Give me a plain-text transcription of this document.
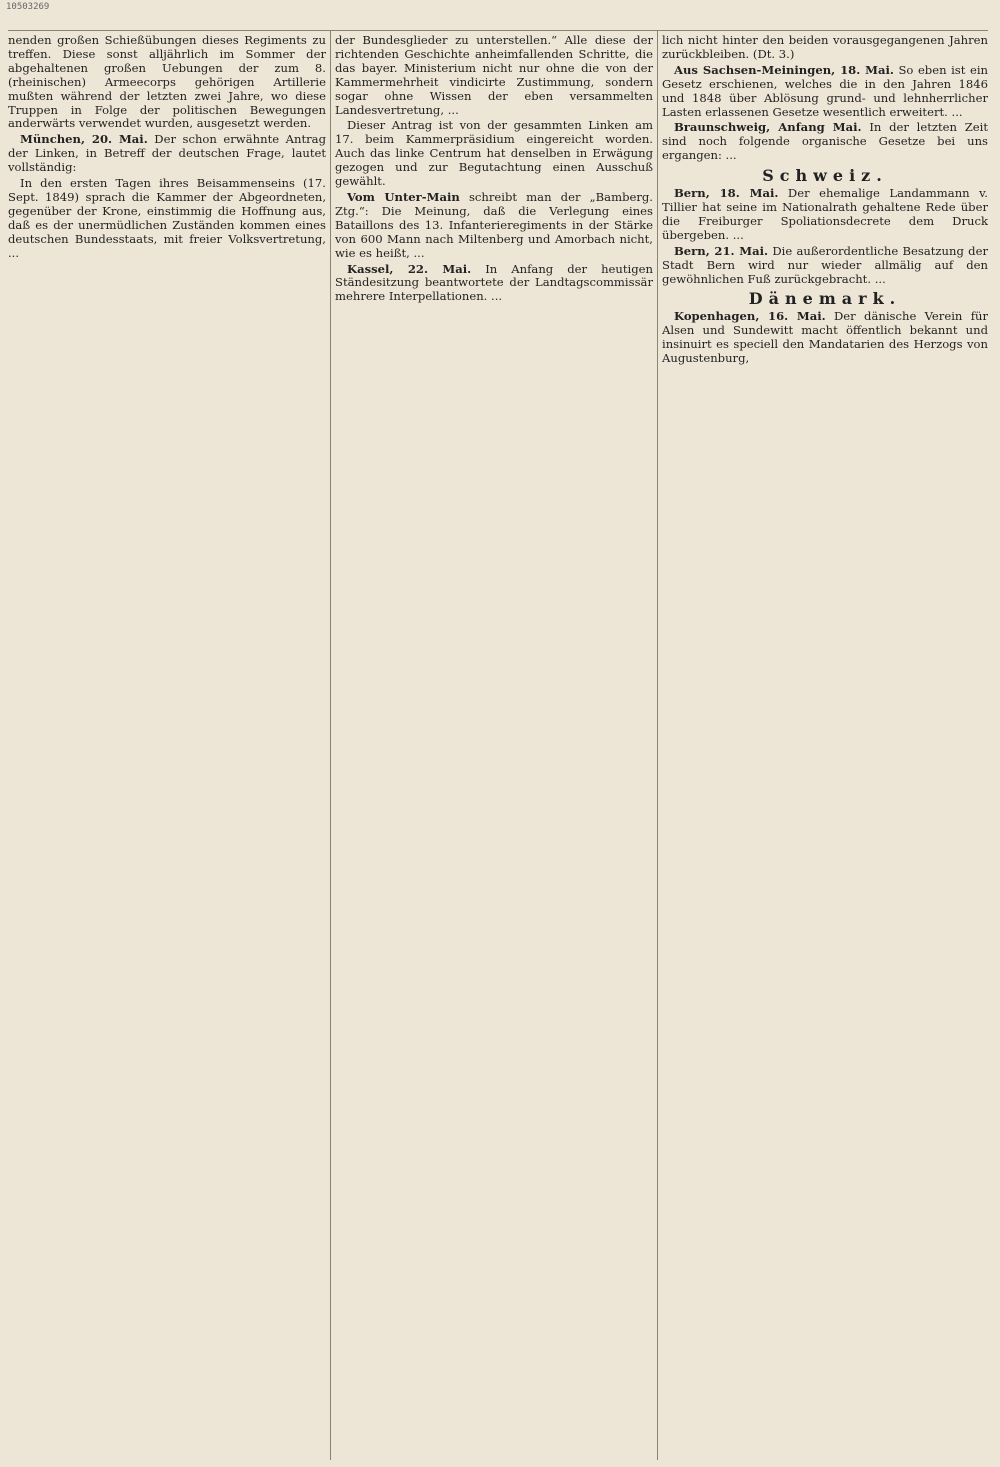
10503269

nenden großen Schießübungen dieses Regiments zu treffen. Diese sonst alljährlich im Sommer der abgehaltenen großen Uebungen der zum 8. (rheinischen) Armeecorps gehörigen Artillerie mußten während der letzten zwei Jahre, wo diese Truppen in Folge der politischen Bewegungen anderwärts verwendet wurden, ausgesetzt werden.

München, 20. Mai. Der schon erwähnte Antrag der Linken, in Betreff der deutschen Frage, lautet vollständig:

In den ersten Tagen ihres Beisammenseins (17. Sept. 1849) sprach die Kammer der Abgeordneten, gegenüber der Krone, einstimmig die Hoffnung aus, daß es der unermüdlichen Zuständen kommen eines deutschen Bundesstaats, mit freier Volksvertretung, ...

der Bundesglieder zu unterstellen.“ Alle diese der richtenden Geschichte anheimfallenden Schritte, die das bayer. Ministerium nicht nur ohne die von der Kammermehrheit vindicirte Zustimmung, sondern sogar ohne Wissen der eben versammelten Landesvertretung, ...

Dieser Antrag ist von der gesammten Linken am 17. beim Kammerpräsidium eingereicht worden. Auch das linke Centrum hat denselben in Erwägung gezogen und zur Begutachtung einen Ausschuß gewählt.

Vom Unter-Main schreibt man der „Bamberg. Ztg.“: Die Meinung, daß die Verlegung eines Bataillons des 13. Infanterieregiments in der Stärke von 600 Mann nach Miltenberg und Amorbach nicht, wie es heißt, ...

Kassel, 22. Mai. In Anfang der heutigen Ständesitzung beantwortete der Landtagscommissär mehrere Interpellationen. ...

lich nicht hinter den beiden vorausgegangenen Jahren zurückbleiben. (Dt. 3.)

Aus Sachsen-Meiningen, 18. Mai. So eben ist ein Gesetz erschienen, welches die in den Jahren 1846 und 1848 über Ablösung grund- und lehnherrlicher Lasten erlassenen Gesetze wesentlich erweitert. ...

Braunschweig, Anfang Mai. In der letzten Zeit sind noch folgende organische Gesetze bei uns ergangen: ...

Schweiz.

Bern, 18. Mai. Der ehemalige Landammann v. Tillier hat seine im Nationalrath gehaltene Rede über die Freiburger Spoliationsdecrete dem Druck übergeben. ...

Bern, 21. Mai. Die außerordentliche Besatzung der Stadt Bern wird nur wieder allmälig auf den gewöhnlichen Fuß zurückgebracht. ...

Dänemark.

Kopenhagen, 16. Mai. Der dänische Verein für Alsen und Sundewitt macht öffentlich bekannt und insinuirt es speciell den Mandatarien des Herzogs von Augustenburg,
